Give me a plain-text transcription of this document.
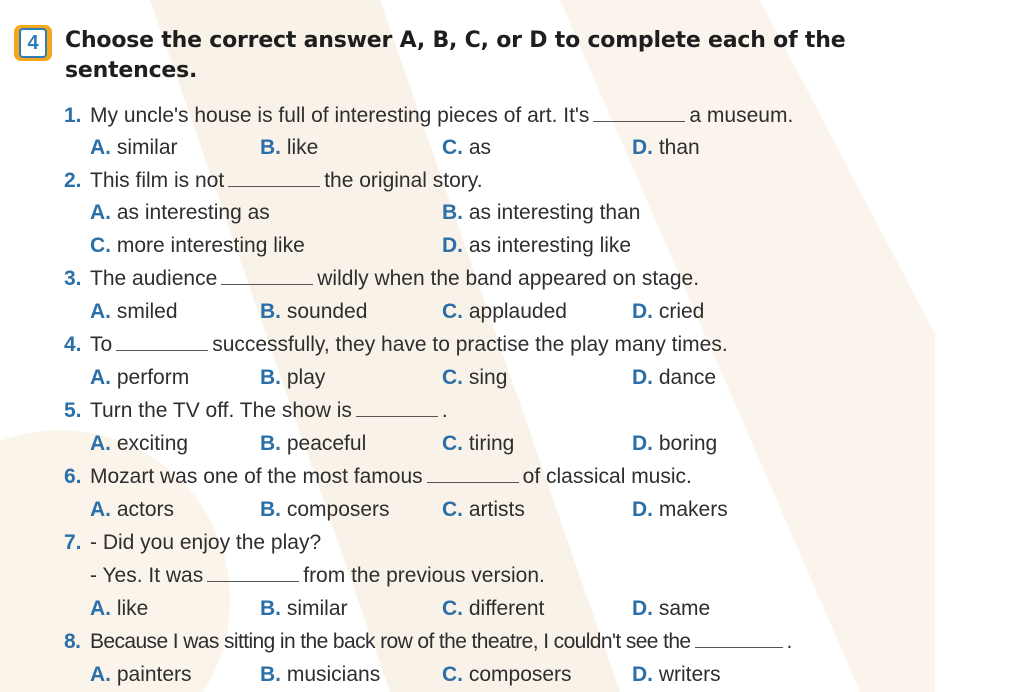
4	Choose the correct answer A, B, C, or D to complete each of the sentences.
1. My uncle's house is full of interesting pieces of art. It's	a museum.
A. similar	B. like	C. as	D. than
2. This film is not	the original story.
A. as interesting as	B. as interesting than
C. more interesting like	D. as interesting like
3. The audience	wildly when the band appeared on stage.
A. smiled	B. sounded	C. applauded	D. cried
4. To	successfully, they have to practise the play many times.
A. perform	B. play	C. sing	D. dance
5. Turn the TV off. The show is	.
A. exciting	B. peaceful	C. tiring	D. boring
6. Mozart was one of the most famous	of classical music.
A. actors	B. composers C. artists	D. makers
7. - Did you enjoy the play?
- Yes. It was	from the previous version.
A. like	B. similar	C. different	D. same
8. Because I was sitting in the back row of the theatre, I couldn't see the	.
A. painters	B. musicians	C. composers	D. writers
